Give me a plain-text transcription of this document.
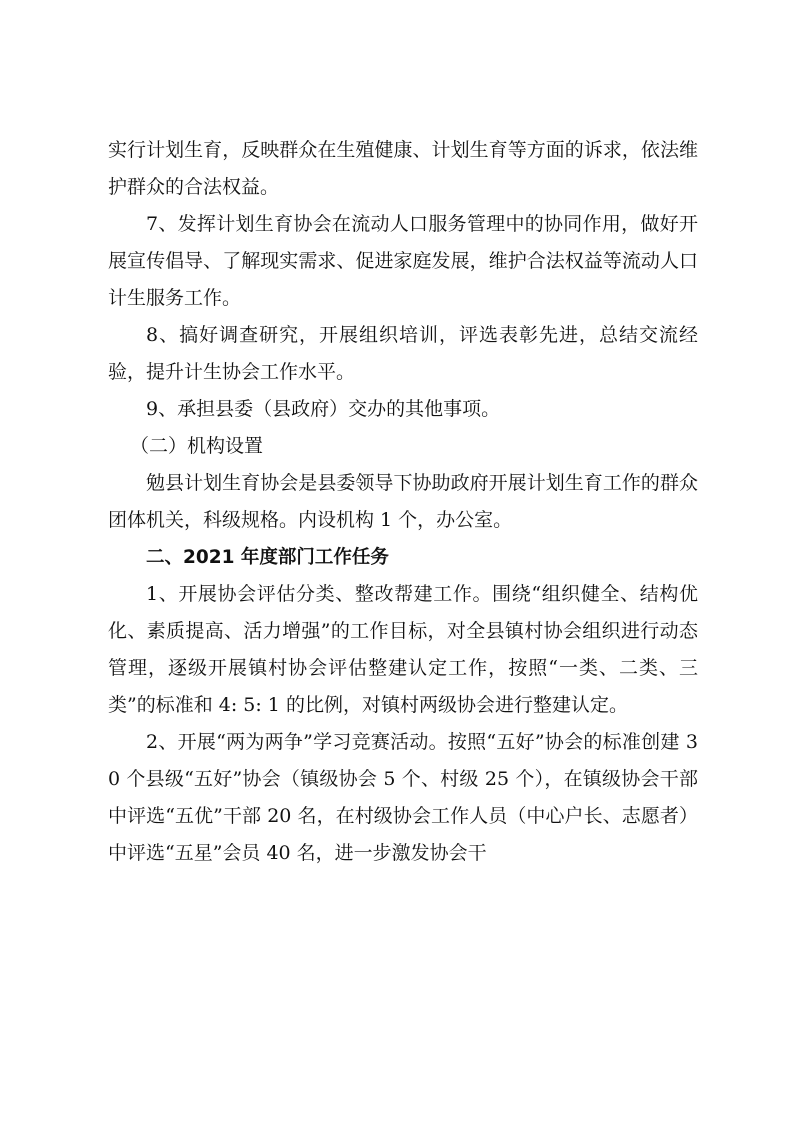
实行计划生育，反映群众在生殖健康、计划生育等方面的诉求，依法维护群众的合法权益。

7、发挥计划生育协会在流动人口服务管理中的协同作用，做好开展宣传倡导、了解现实需求、促进家庭发展，维护合法权益等流动人口计生服务工作。

8、搞好调查研究，开展组织培训，评选表彰先进，总结交流经验，提升计生协会工作水平。

9、承担县委（县政府）交办的其他事项。

（二）机构设置

勉县计划生育协会是县委领导下协助政府开展计划生育工作的群众团体机关，科级规格。内设机构 1 个，办公室。

二、2021 年度部门工作任务

1、开展协会评估分类、整改帮建工作。围绕“组织健全、结构优化、素质提高、活力增强”的工作目标，对全县镇村协会组织进行动态管理，逐级开展镇村协会评估整建认定工作，按照“一类、二类、三类”的标准和 4: 5: 1 的比例，对镇村两级协会进行整建认定。

2、开展“两为两争”学习竞赛活动。按照“五好”协会的标准创建 30 个县级“五好”协会（镇级协会 5 个、村级 25 个），在镇级协会干部中评选“五优”干部 20 名，在村级协会工作人员（中心户长、志愿者）中评选“五星”会员 40 名，进一步激发协会干
